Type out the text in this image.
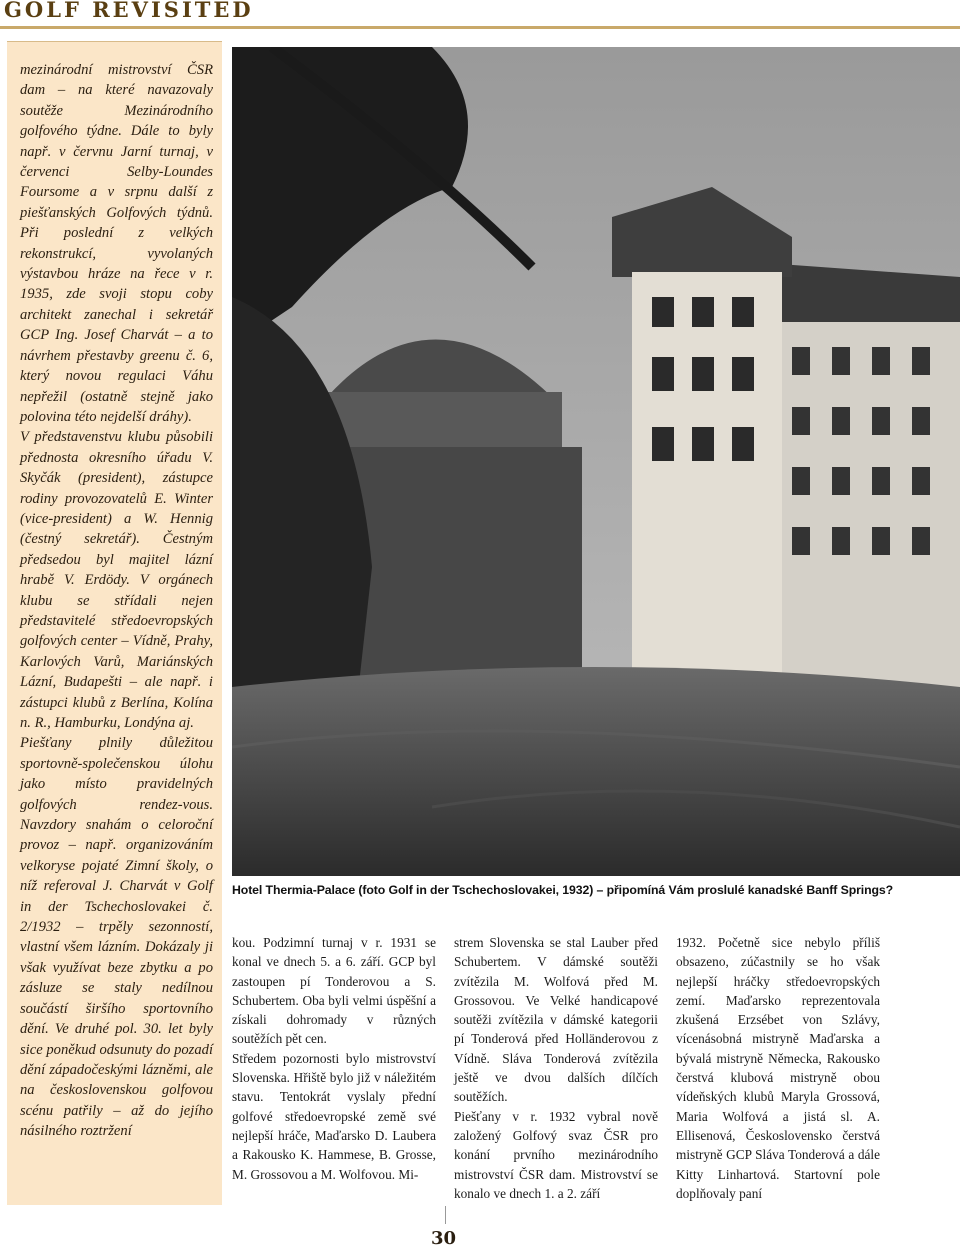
GOLF REVISITED

mezinárodní mistrovství ČSR dam – na které navazovaly soutěže Mezinárodního golfového týdne. Dále to byly např. v červnu Jarní turnaj, v červenci Selby-Loundes Foursome a v srpnu další z piešťanských Golfových týdnů. Při poslední z velkých rekonstrukcí, vyvolaných výstavbou hráze na řece v r. 1935, zde svoji stopu coby architekt zanechal i sekretář GCP Ing. Josef Charvát – a to návrhem přestavby greenu č. 6, který novou regulaci Váhu nepřežil (ostatně stejně jako polovina této nejdelší dráhy).
V představenstvu klubu působili přednosta okresního úřadu V. Skyčák (president), zástupce rodiny provozovatelů E. Winter (vice-president) a W. Hennig (čestný sekretář). Čestným předsedou byl majitel lázní hrabě V. Erdödy. V orgánech klubu se střídali nejen představitelé středoevropských golfových center – Vídně, Prahy, Karlových Varů, Mariánských Lázní, Budapešti – ale např. i zástupci klubů z Berlína, Kolína n. R., Hamburku, Londýna aj.
Piešťany plnily důležitou sportovně-společenskou úlohu jako místo pravidelných golfových rendez-vous. Navzdory snahám o celoroční provoz – např. organizováním velkoryse pojaté Zimní školy, o níž referoval J. Charvát v Golf in der Tschechoslovakei č. 2/1932 – trpěly sezonností, vlastní všem lázním. Dokázaly ji však využívat beze zbytku a po zásluze se staly nedílnou součástí širšího sportovního dění. Ve druhé pol. 30. let byly sice poněkud odsunuty do pozadí dění západočeskými lázněmi, ale na československou golfovou scénu patřily – až do jejího násilného roztržení

Hotel Thermia-Palace (foto Golf in der Tschechoslovakei, 1932) – připomíná Vám proslulé kanadské Banff Springs?

kou. Podzimní turnaj v r. 1931 se konal ve dnech 5. a 6. září. GCP byl zastoupen pí Tonderovou a S. Schubertem. Oba byli velmi úspěšní a získali dohromady v různých soutěžích pět cen.
Středem pozornosti bylo mistrovství Slovenska. Hřiště bylo již v náležitém stavu. Tentokrát vyslaly přední golfové středoevropské země své nejlepší hráče, Maďarsko D. Laubera a Rakousko K. Hammese, B. Grosse, M. Grossovou a M. Wolfovou. Mi-

strem Slovenska se stal Lauber před Schubertem. V dámské soutěži zvítězila M. Wolfová před M. Grossovou. Ve Velké handicapové soutěži zvítězila v dámské kategorii pí Tonderová před Holländerovou z Vídně. Sláva Tonderová zvítězila ještě ve dvou dalších dílčích soutěžích.
Piešťany v r. 1932 vybral nově založený Golfový svaz ČSR pro konání prvního mezinárodního mistrovství ČSR dam. Mistrovství se konalo ve dnech 1. a 2. září

1932. Početně sice nebylo příliš obsazeno, zúčastnily se ho však nejlepší hráčky středoevropských zemí. Maďarsko reprezentovala zkušená Erzsébet von Szlávy, vícenásobná mistryně Maďarska a bývalá mistryně Německa, Rakousko čerstvá klubová mistryně obou vídeňských klubů Maryla Grossová, Maria Wolfová a jistá sl. A. Ellisenová, Československo čerstvá mistryně GCP Sláva Tonderová a dále Kitty Linhartová. Startovní pole doplňovaly paní

30
